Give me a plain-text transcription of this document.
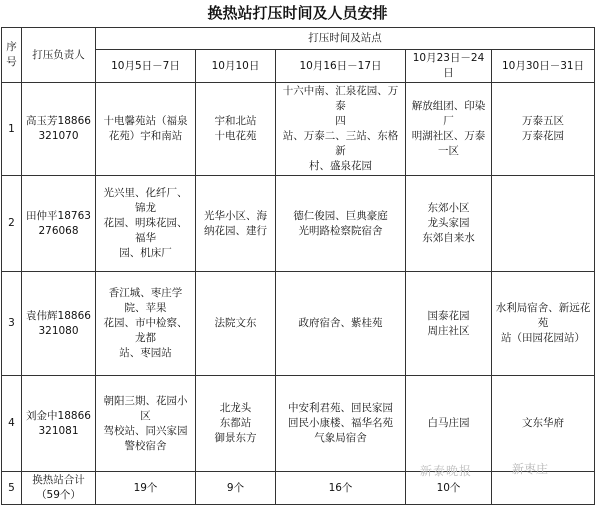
换热站打压时间及人员安排
序
号	打压负责人	打压时间及站点				
		10月5日－7日	10月10日	10月16日－17日	10月23日－24日	10月30日－31日
1	高玉芳18866
321070	十电馨苑站（福泉
花苑）宇和南站	宇和北站
十电花苑	十六中南、汇泉花园、万泰
四
站、万泰二、三站、东格新
村、盛泉花园	解放组团、印染
厂
明湖社区、万泰
一区	万泰五区
万泰花园

2	田仲平18763
276068	光兴里、化纤厂、
锦龙
花园、明珠花园、
福华
园、机床厂	光华小区、海
纳花园、建行	德仁俊园、巨典豪庭
光明路检察院宿舍	东郊小区
龙头家园
东郊自来水	

3	袁伟辉18866
321080	香江城、枣庄学
院、苹果
花园、市中检察、
龙都
站、枣园站	法院文东	政府宿舍、紫桂苑	国泰花园
周庄社区	水利局宿舍、新远花
苑
站（田园花园站）

4	刘金中18866
321081	朝阳三期、花园小
区
驾校站、同兴家园
警校宿舍	北龙头
东都站
御景东方	中安利君苑、回民家园
回民小康楼、福华名苑
气象局宿舍	白马庄园	文东华府

5	换热站合计
（59个）	19个	9个	16个	10个	

新泰晚报	新枣庄
